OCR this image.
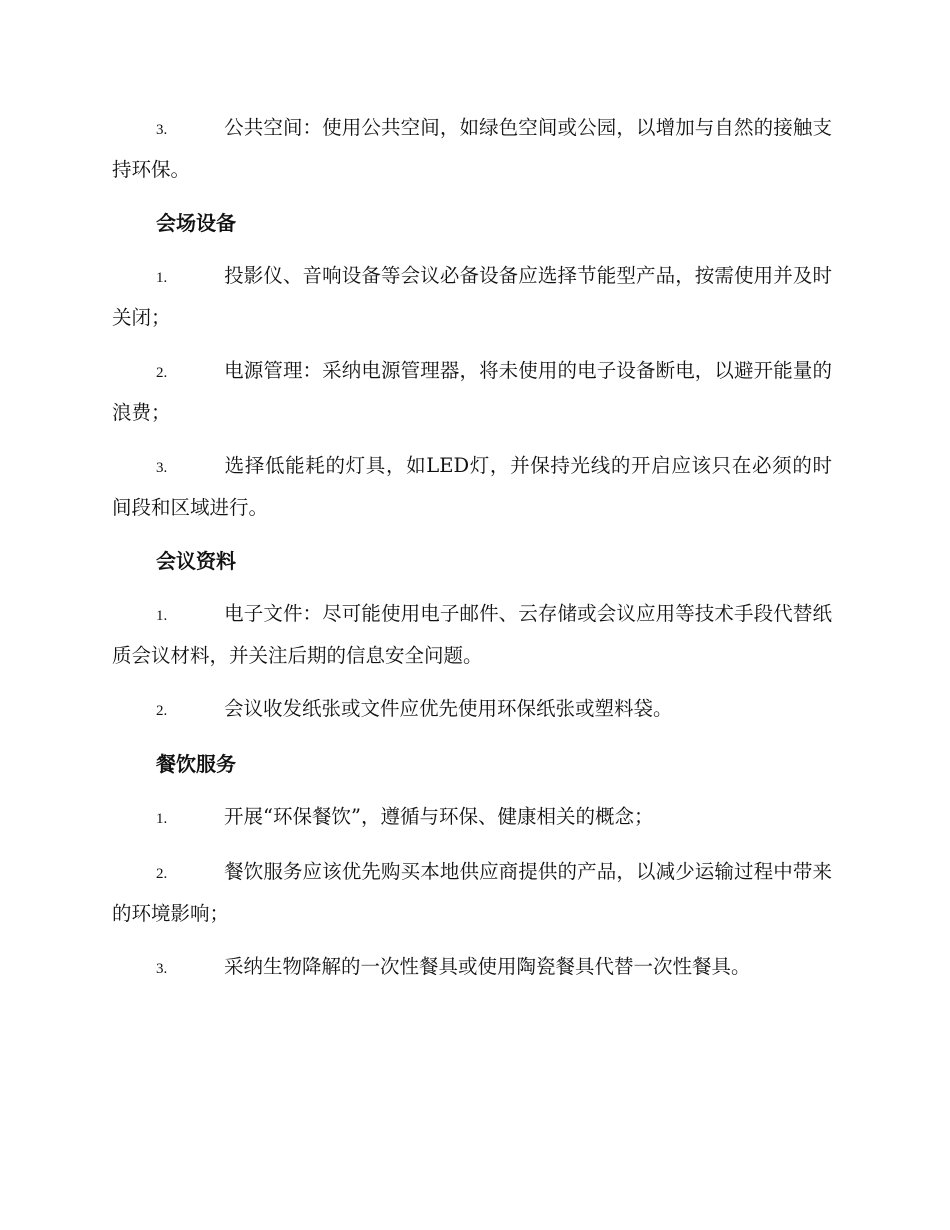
3.	公共空间：使用公共空间，如绿色空间或公园，以增加与自然的接触支持环保。

会场设备

1.	投影仪、音响设备等会议必备设备应选择节能型产品，按需使用并及时关闭；

2.	电源管理：采纳电源管理器，将未使用的电子设备断电，以避开能量的浪费；

3.	选择低能耗的灯具，如LED灯，并保持光线的开启应该只在必须的时间段和区域进行。

会议资料

1.	电子文件：尽可能使用电子邮件、云存储或会议应用等技术手段代替纸质会议材料，并关注后期的信息安全问题。

2.	会议收发纸张或文件应优先使用环保纸张或塑料袋。

餐饮服务

1.	开展“环保餐饮”，遵循与环保、健康相关的概念；

2.	餐饮服务应该优先购买本地供应商提供的产品，以减少运输过程中带来的环境影响；

3.	采纳生物降解的一次性餐具或使用陶瓷餐具代替一次性餐具。
